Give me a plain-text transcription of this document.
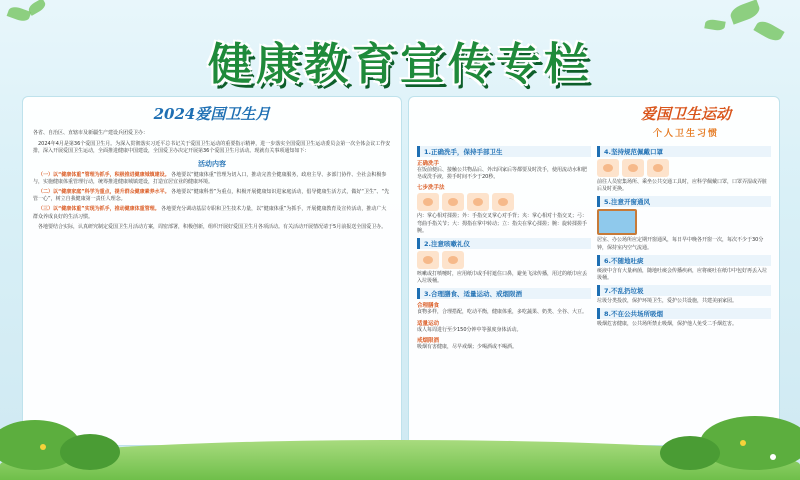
健康教育宣传专栏
2024爱国卫生月
各省、自治区、直辖市及新疆生产建设兵团爱卫办：
2024年4月是第36个爱国卫生月。为深入贯彻落实习近平总书记关于爱国卫生运动的重要指示精神，进一步落实全国爱国卫生运动委员会第一次全体会议工作安排，深入开展爱国卫生运动，全面推进健康中国建设，全国爱卫办决定开展第36个爱国卫生月活动。现就有关事项通知如下：
活动内容
（一）以“健康体重”管理为抓手，积极推进健康城镇建设。 各地要以“健康体重”管理为切入口，推动完善全健康服务，政府主导、多部门协作、全社会积极参与，实施健康体重管理行动，统筹推进健康城镇建设，打造宜居宜业的健康环境。
（二）以“健康家庭”科学为重点，提升群众健康素养水平。 各地要以“健康科普”为重点，积极开展健康知识进家庭活动，倡导健康生活方式，做好“卫生”、“先管一心”，树立自我健康第一责任人理念。
（三）以“健康体重”实现为抓手，推动健康体重管理。 各地要充分调动基层专职和卫生技术力量，以“健康体重”为抓手，开展健康教育及宣传活动，推动广大群众养成良好的生活习惯。
各地要结合实际，认真研究制定爱国卫生月活动方案，周密部署，积极创新，组织开展好爱国卫生月各项活动。有关活动开展情况请于5月前报送全国爱卫办。
爱国卫生运动
个人卫生习惯
1.正确洗手，保持手部卫生
正确洗手
在饭前便后、接触公共物品后、外出回家后等都要及时洗手，使用流动水和肥皂或洗手液，搓手时间不少于20秒。
七步洗手法
内：掌心相对揉搓；外：手指交叉掌心对手背；夹：掌心相对十指交叉；弓：弯曲手指关节；大：拇指在掌中转动；立：指尖在掌心揉搓；腕：旋转揉搓手腕。
2.注意咳嗽礼仪
咳嗽或打喷嚏时，应用纸巾或手肘遮住口鼻，避免飞沫传播，用过的纸巾应丢入垃圾桶。
3.合理膳食、适量运动、戒烟限酒
合理膳食
食物多样，合理搭配，吃动平衡，健康体重，多吃蔬果、奶类、全谷、大豆。
适量运动
成人每周进行至少150分钟中等强度身体活动。
戒烟限酒
吸烟有害健康，尽早戒烟；少喝酒或不喝酒。
4.坚持规范佩戴口罩
前往人员密集场所、乘坐公共交通工具时，应科学佩戴口罩，口罩弄湿或弄脏后及时更换。
5.注意开窗通风
居室、办公场所应定期开窗通风，每日早中晚各开窗一次，每次不少于30分钟，保持室内空气流通。
6.不随地吐痰
痰液中含有大量病菌，随地吐痰会传播疾病，应将痰吐在纸巾中包好再丢入垃圾桶。
7.不乱扔垃圾
垃圾分类投放，保护环境卫生，爱护公共设施，共建美丽家园。
8.不在公共场所吸烟
吸烟危害健康，公共场所禁止吸烟，保护他人免受二手烟危害。
